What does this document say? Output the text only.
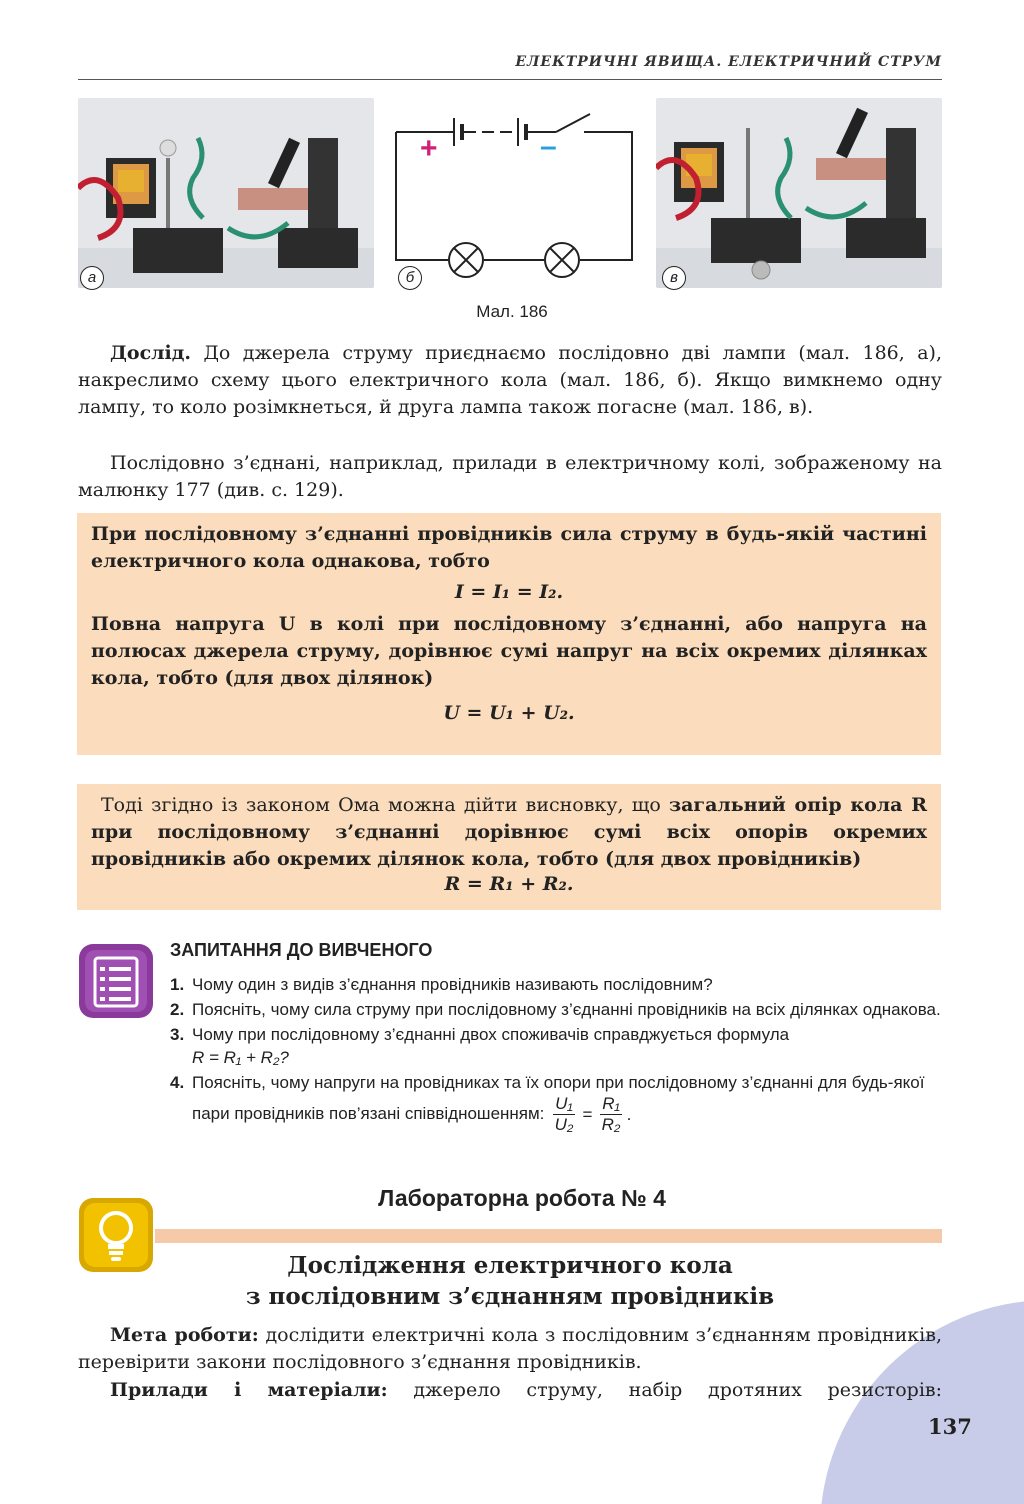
ЕЛЕКТРИЧНІ ЯВИЩА. ЕЛЕКТРИЧНИЙ СТРУМ
а
+	–
б	в
Мал. 186
Дослід. До джерела струму приєднаємо послідовно дві лампи (мал. 186, а), накреслимо схему цього електричного кола (мал. 186, б). Якщо вимкнемо одну лампу, то коло розімкнеться, й друга лампа також погасне (мал. 186, в).
Послідовно з’єднані, наприклад, прилади в електричному колі, зображеному на малюнку 177 (див. с. 129).
При послідовному з’єднанні провідників сила струму в будь-якій частині електричного кола однакова, тобто
I = I₁ = I₂.
Повна напруга U в колі при послідовному з’єднанні, або напруга на полюсах джерела струму, дорівнює сумі напруг на всіх окремих ділянках кола, тобто (для двох ділянок)
U = U₁ + U₂.
Тоді згідно із законом Ома можна дійти висновку, що загальний опір кола R при послідовному з’єднанні дорівнює сумі всіх опорів окремих провідників або окремих ділянок кола, тобто (для двох провідників)
R = R₁ + R₂.
ЗАПИТАННЯ ДО ВИВЧЕНОГО
1. Чому один з видів з’єднання провідників називають послідовним?
2. Поясніть, чому сила струму при послідовному з’єднанні провідників на всіх ділянках однакова.
3. Чому при послідовному з’єднанні двох споживачів справджується формула
R = R₁ + R₂?
4. Поясніть, чому напруги на провідниках та їх опори при послідовному з’єднанні для будь-якої пари провідників пов’язані співвідношенням: $\frac{\text{U₁}}{\text{U₂}} = \frac{\text{R₁}}{\text{R₂}}$ .
Лабораторна робота № 4
Дослідження електричного кола
з послідовним з’єднанням провідників
Мета роботи: дослідити електричні кола з послідовним з’єднанням провідників, перевірити закони послідовного з’єднання провідників.
Прилади і матеріали: джерело струму, набір дротяних резисторів:
137
